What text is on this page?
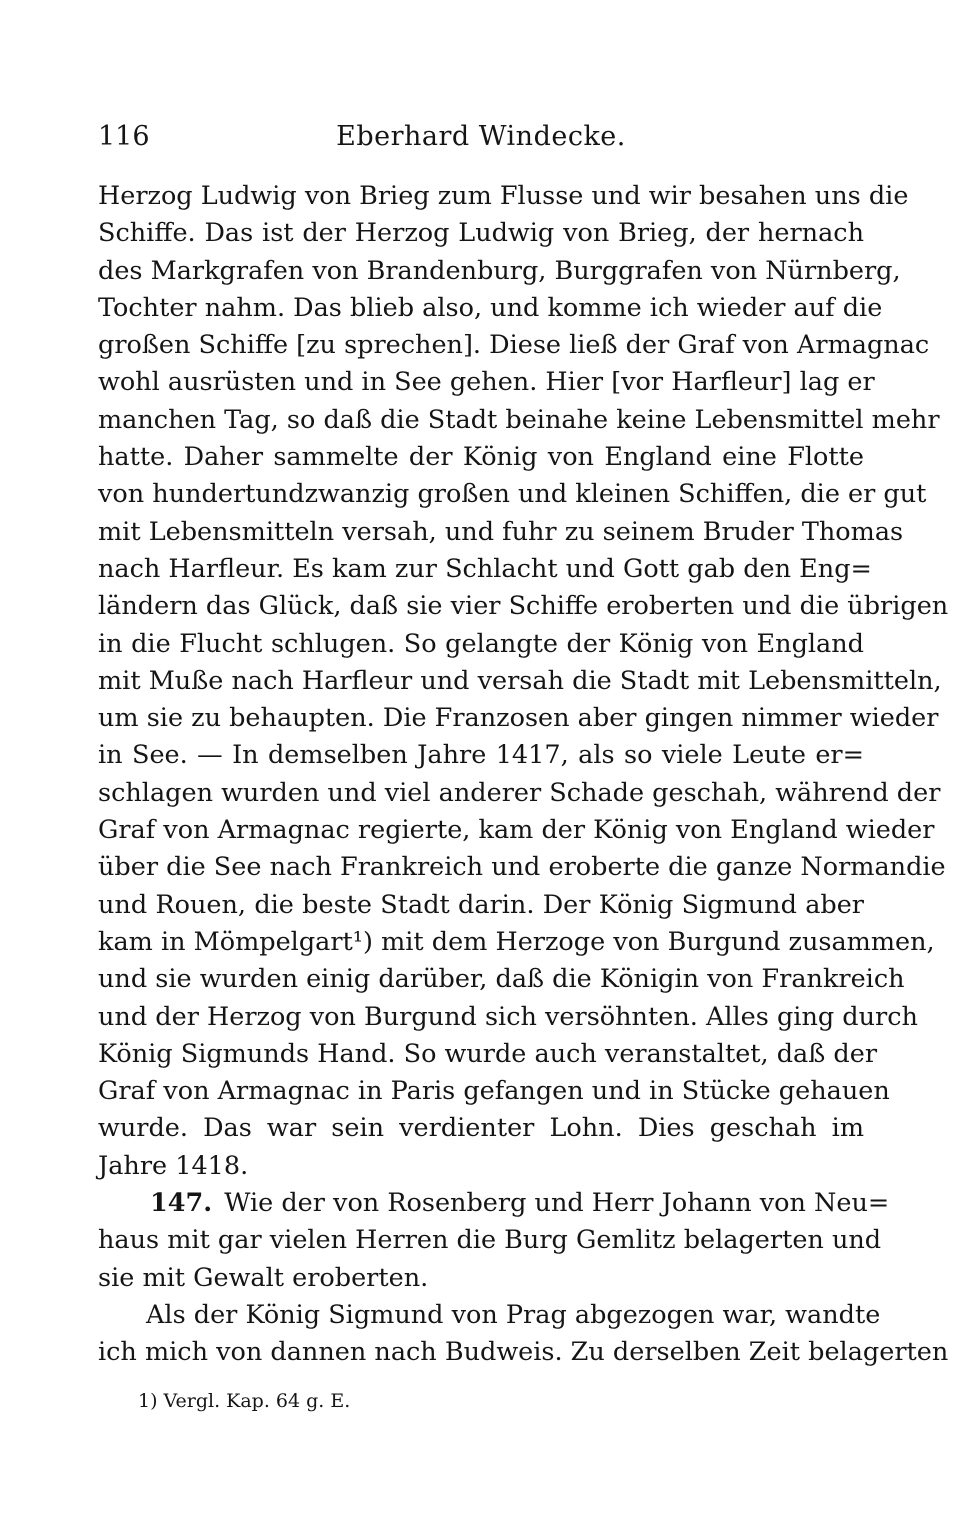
116	Eberhard Windecke.
Herzog Ludwig von Brieg zum Flusse und wir besahen uns die
Schiffe. Das ist der Herzog Ludwig von Brieg, der hernach
des Markgrafen von Brandenburg, Burggrafen von Nürnberg,
Tochter nahm. Das blieb also, und komme ich wieder auf die
großen Schiffe [zu sprechen]. Diese ließ der Graf von Armagnac
wohl ausrüsten und in See gehen. Hier [vor Harfleur] lag er
manchen Tag, so daß die Stadt beinahe keine Lebensmittel mehr
hatte. Daher sammelte der König von England eine Flotte
von hundertundzwanzig großen und kleinen Schiffen, die er gut
mit Lebensmitteln versah, und fuhr zu seinem Bruder Thomas
nach Harfleur. Es kam zur Schlacht und Gott gab den Eng=
ländern das Glück, daß sie vier Schiffe eroberten und die übrigen
in die Flucht schlugen. So gelangte der König von England
mit Muße nach Harfleur und versah die Stadt mit Lebensmitteln,
um sie zu behaupten. Die Franzosen aber gingen nimmer wieder
in See. — In demselben Jahre 1417, als so viele Leute er=
schlagen wurden und viel anderer Schade geschah, während der
Graf von Armagnac regierte, kam der König von England wieder
über die See nach Frankreich und eroberte die ganze Normandie
und Rouen, die beste Stadt darin. Der König Sigmund aber
kam in Mömpelgart¹) mit dem Herzoge von Burgund zusammen,
und sie wurden einig darüber, daß die Königin von Frankreich
und der Herzog von Burgund sich versöhnten. Alles ging durch
König Sigmunds Hand. So wurde auch veranstaltet, daß der
Graf von Armagnac in Paris gefangen und in Stücke gehauen
wurde. Das war sein verdienter Lohn. Dies geschah im
Jahre 1418.
147. Wie der von Rosenberg und Herr Johann von Neu=
haus mit gar vielen Herren die Burg Gemlitz belagerten und
sie mit Gewalt eroberten.
Als der König Sigmund von Prag abgezogen war, wandte
ich mich von dannen nach Budweis. Zu derselben Zeit belagerten
1) Vergl. Kap. 64 g. E.
